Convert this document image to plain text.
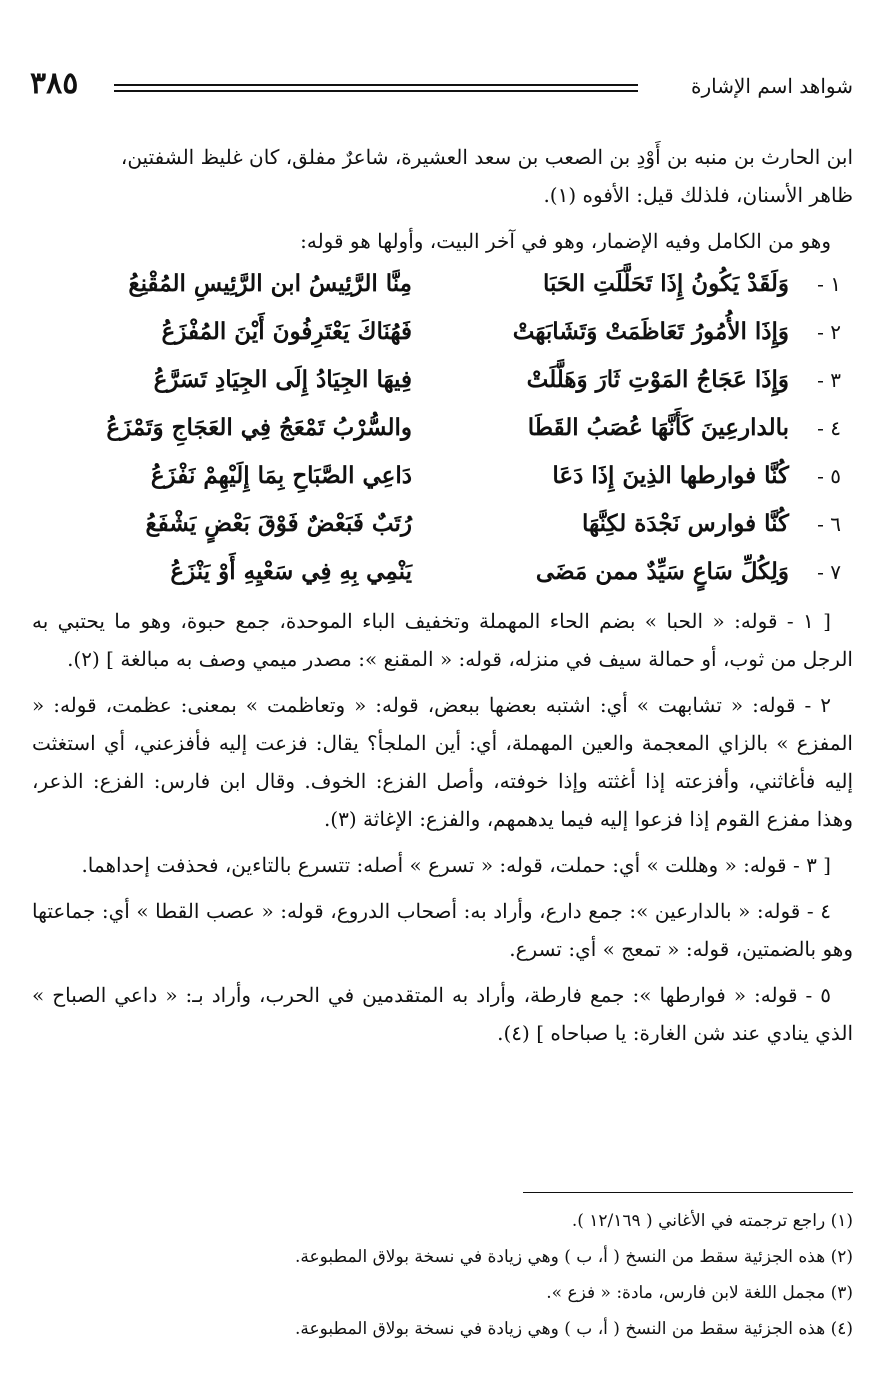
شواهد اسم الإشارة
٣٨٥

ابن الحارث بن منبه بن أَوْدِ بن الصعب بن سعد العشيرة، شاعرٌ مفلق، كان غليظ الشفتين،

ظاهر الأسنان، فلذلك قيل: الأفوه (١).

وهو من الكامل وفيه الإضمار، وهو في آخر البيت، وأولها هو قوله:

١ -
وَلَقَدْ يَكُونُ إِذَا تَحَلَّلَتِ الحَبَا
مِنَّا الرَّئِيسُ ابن الرَّئِيسِ المُقْنِعُ
٢ -
وَإِذَا الأُمُورُ تَعَاظَمَتْ وَتَشَابَهَتْ
فَهُنَاكَ يَعْتَرِفُونَ أَيْنَ المُفْزَعُ
٣ -
وَإِذَا عَجَاجُ المَوْتِ ثَارَ وَهَلَّلَتْ
فِيهَا الجِيَادُ إِلَى الجِيَادِ تَسَرَّعُ
٤ -
بالدارعِينَ كَأَنَّهَا عُصَبُ القَطَا
والسُّرْبُ تَمْعَجُ فِي العَجَاجِ وَتَمْزَعُ
٥ -
كُنَّا فوارطها الذِينَ إِذَا دَعَا
دَاعِي الصَّبَاحِ بِمَا إِلَيْهِمْ نَفْزَعُ
٦ -
كُنَّا فوارس نَجْدَة لكِنَّهَا
رُتَبٌ فَبَعْضٌ فَوْقَ بَعْضٍ يَشْفَعُ
٧ -
وَلِكُلِّ سَاعٍ سَيِّدٌ ممن مَضَى
يَنْمِي بِهِ فِي سَعْيِهِ أَوْ يَنْزَعُ

[ ١ - قوله: « الحبا » بضم الحاء المهملة وتخفيف الباء الموحدة، جمع حبوة، وهو ما يحتبي به الرجل من ثوب، أو حمالة سيف في منزله، قوله: « المقنع »: مصدر ميمي وصف به مبالغة ] (٢).

٢ - قوله: « تشابهت » أي: اشتبه بعضها ببعض، قوله: « وتعاظمت » بمعنى: عظمت، قوله: « المفزع » بالزاي المعجمة والعين المهملة، أي: أين الملجأ؟ يقال: فزعت إليه فأفزعني، أي استغثت إليه فأغاثني، وأفزعته إذا أغثته وإذا خوفته، وأصل الفزع: الخوف. وقال ابن فارس: الفزع: الذعر، وهذا مفزع القوم إذا فزعوا إليه فيما يدهمهم، والفزع: الإغاثة (٣).

[ ٣ - قوله: « وهللت » أي: حملت، قوله: « تسرع » أصله: تتسرع بالتاءين، فحذفت إحداهما.

٤ - قوله: « بالدارعين »: جمع دارع، وأراد به: أصحاب الدروع، قوله: « عصب القطا » أي: جماعتها وهو بالضمتين، قوله: « تمعج » أي: تسرع.

٥ - قوله: « فوارطها »: جمع فارطة، وأراد به المتقدمين في الحرب، وأراد بـ: « داعي الصباح » الذي ينادي عند شن الغارة: يا صباحاه ] (٤).

(١) راجع ترجمته في الأغاني ( ١٢/١٦٩ ).
(٢) هذه الجزئية سقط من النسخ ( أ، ب ) وهي زيادة في نسخة بولاق المطبوعة.
(٣) مجمل اللغة لابن فارس، مادة: « فزع ».
(٤) هذه الجزئية سقط من النسخ ( أ، ب ) وهي زيادة في نسخة بولاق المطبوعة.
